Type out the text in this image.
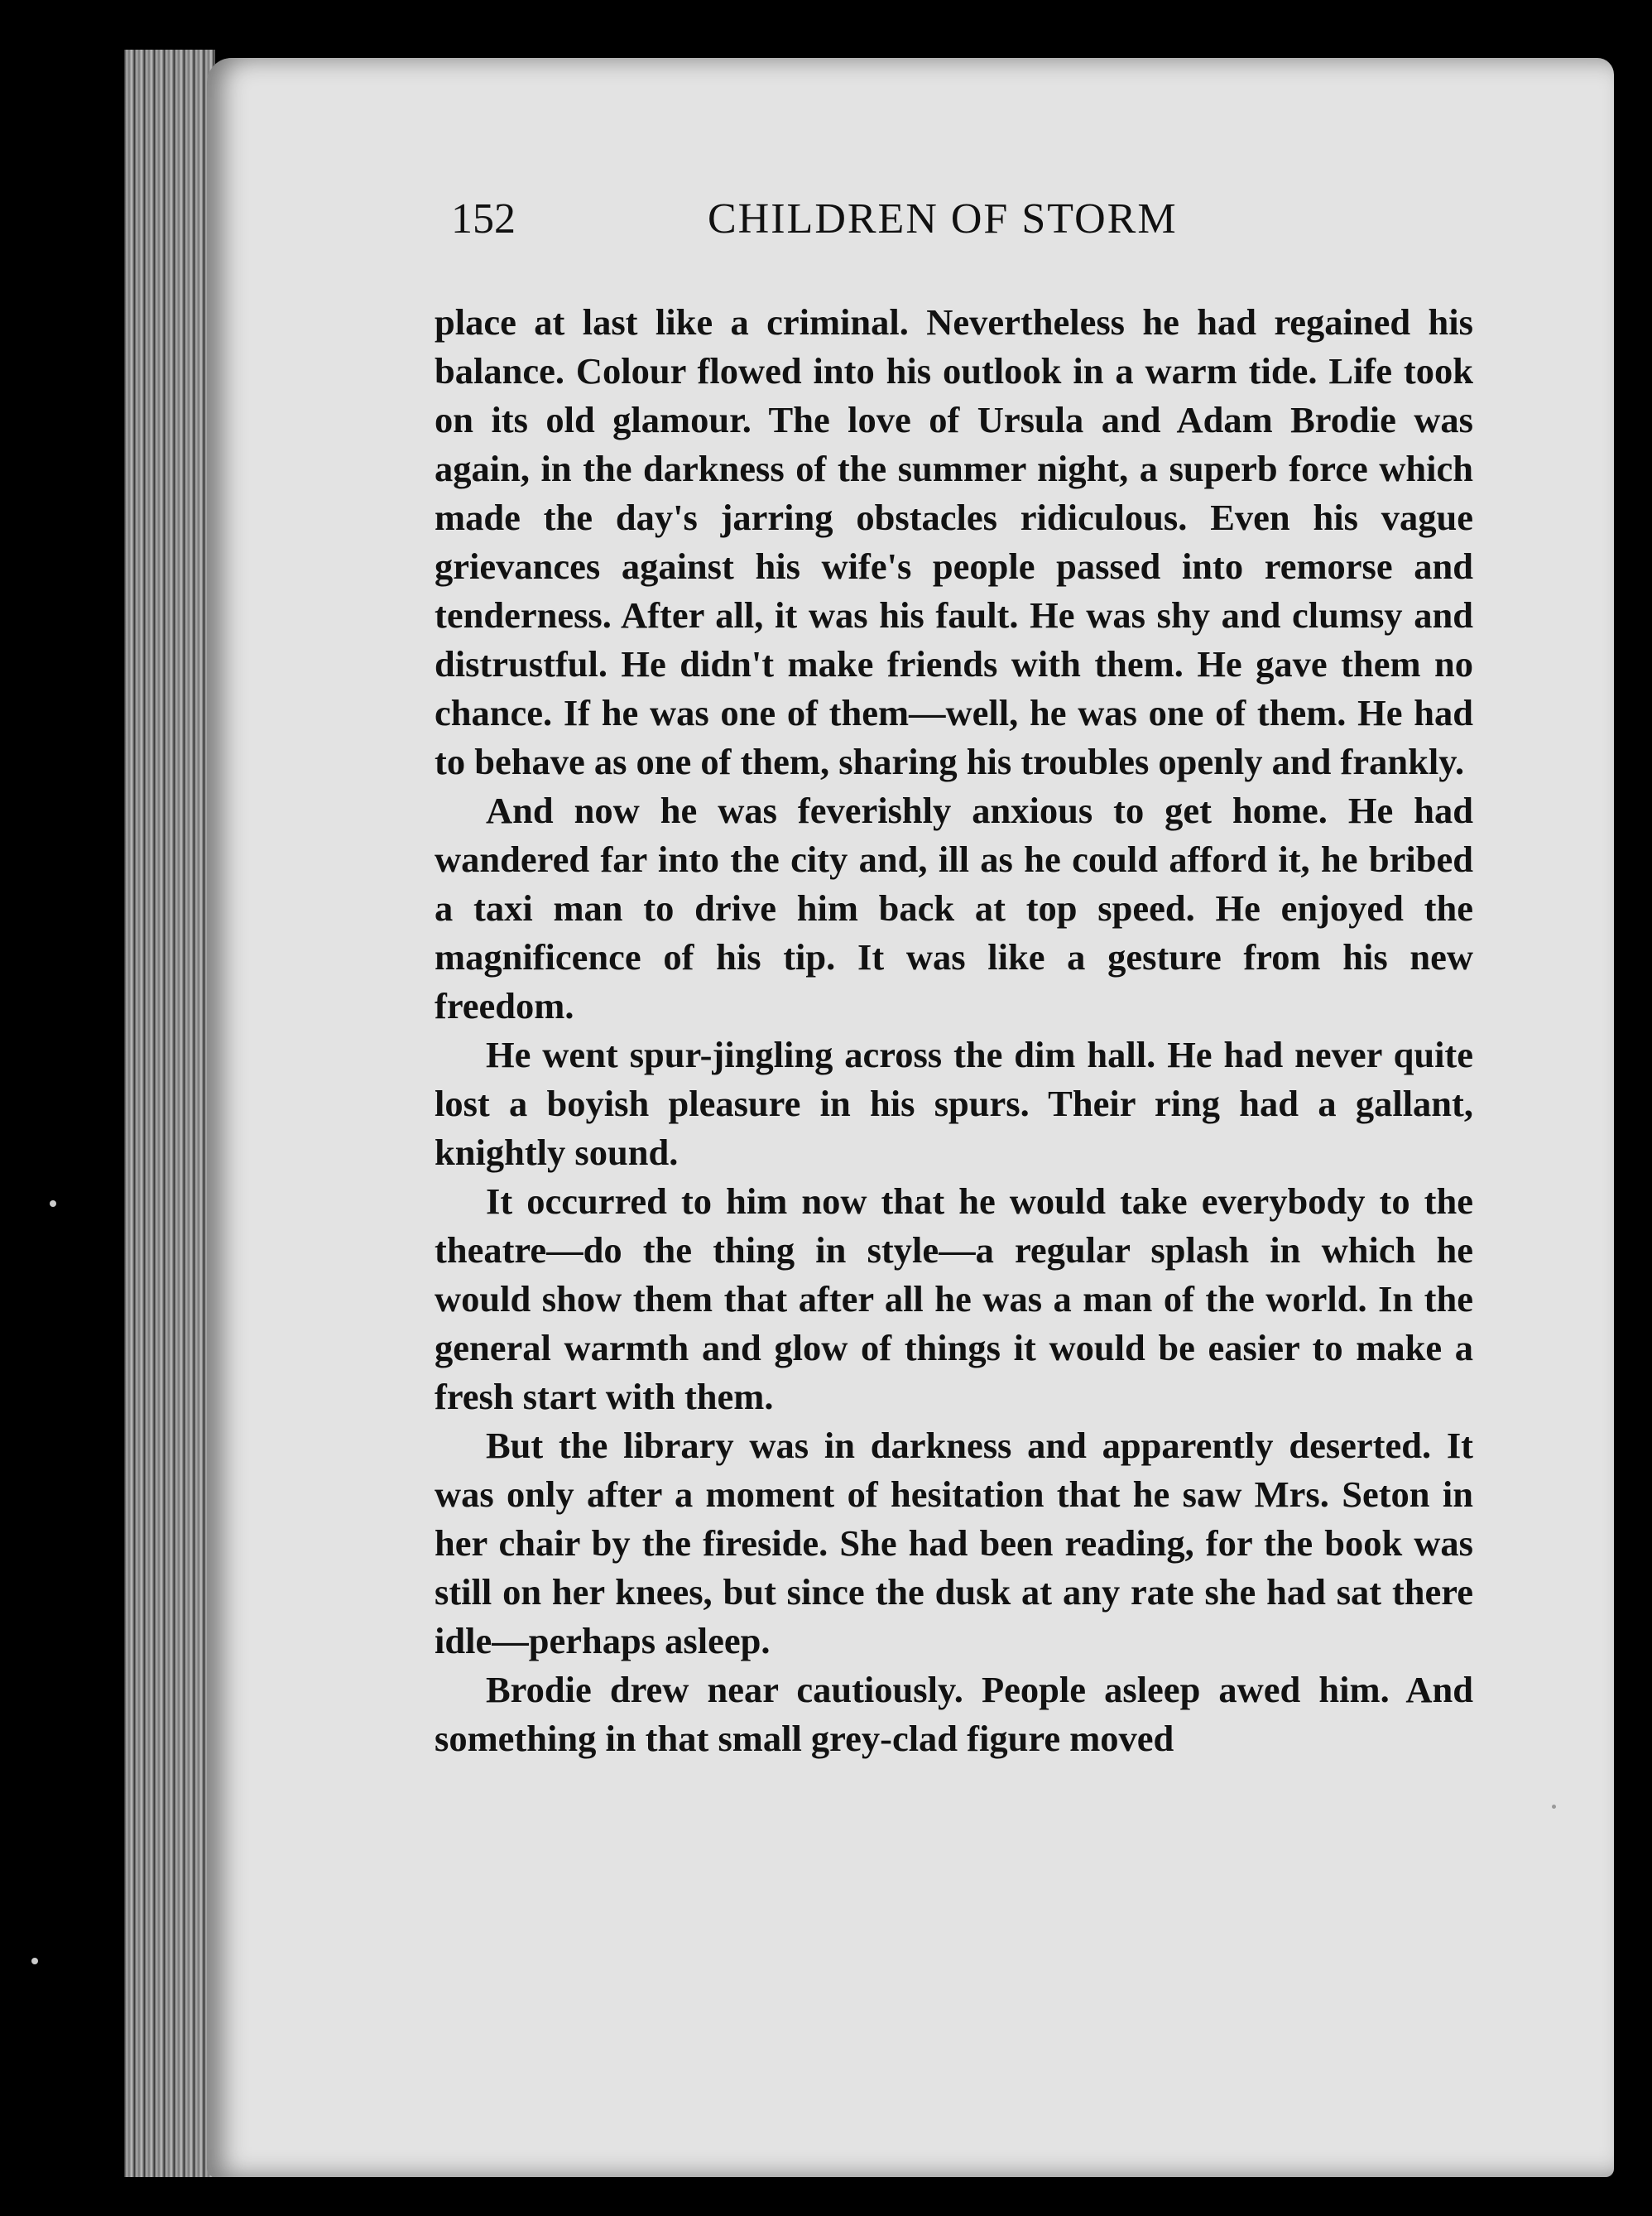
152	CHILDREN OF STORM

place at last like a criminal. Nevertheless he had regained his balance. Colour flowed into his outlook in a warm tide. Life took on its old glamour. The love of Ursula and Adam Brodie was again, in the darkness of the summer night, a superb force which made the day's jarring obstacles ridiculous. Even his vague grievances against his wife's people passed into remorse and tenderness. After all, it was his fault. He was shy and clumsy and distrustful. He didn't make friends with them. He gave them no chance. If he was one of them—well, he was one of them. He had to behave as one of them, sharing his troubles openly and frankly.

And now he was feverishly anxious to get home. He had wandered far into the city and, ill as he could afford it, he bribed a taxi man to drive him back at top speed. He enjoyed the magnificence of his tip. It was like a gesture from his new freedom.

He went spur-jingling across the dim hall. He had never quite lost a boyish pleasure in his spurs. Their ring had a gallant, knightly sound.

It occurred to him now that he would take everybody to the theatre—do the thing in style—a regular splash in which he would show them that after all he was a man of the world. In the general warmth and glow of things it would be easier to make a fresh start with them.

But the library was in darkness and apparently deserted. It was only after a moment of hesitation that he saw Mrs. Seton in her chair by the fireside. She had been reading, for the book was still on her knees, but since the dusk at any rate she had sat there idle—perhaps asleep.

Brodie drew near cautiously. People asleep awed him. And something in that small grey-clad figure moved
